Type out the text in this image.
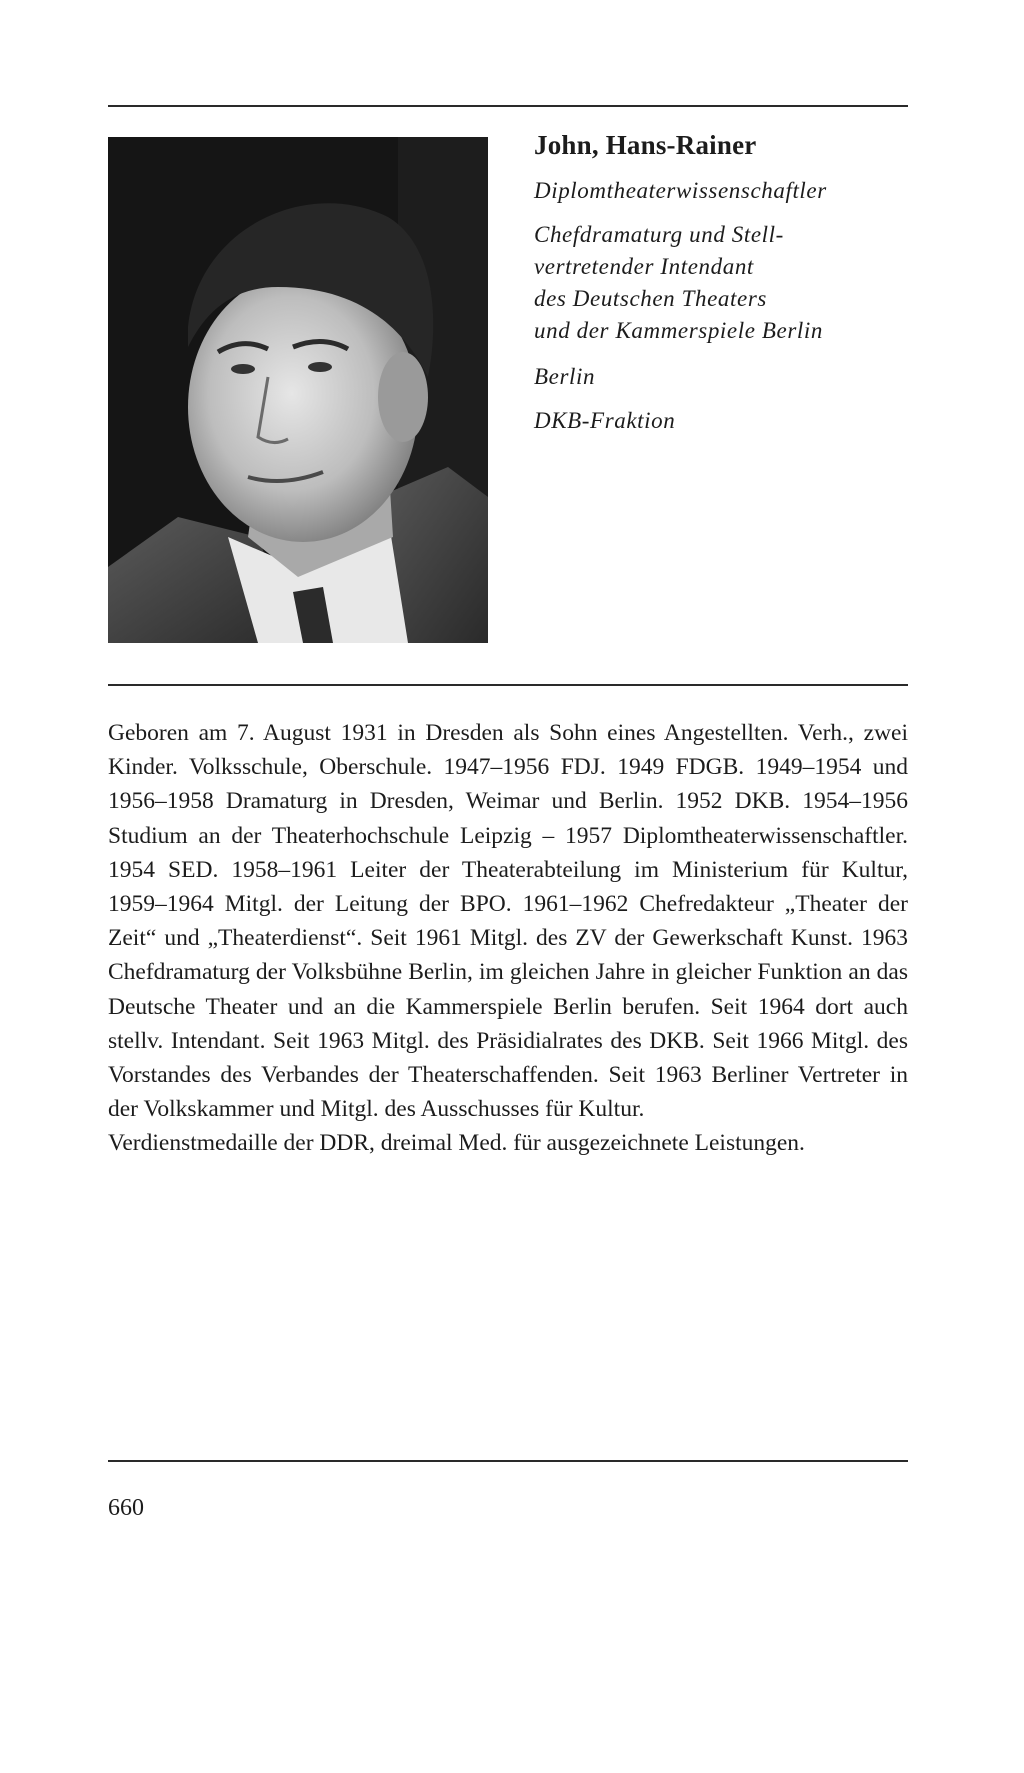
John, Hans-Rainer
Diplomtheaterwissenschaftler
Chefdramaturg und Stell-
vertretender Intendant
des Deutschen Theaters
und der Kammerspiele Berlin
Berlin
DKB-Fraktion

Geboren am 7. August 1931 in Dresden als Sohn eines Angestellten. Verh., zwei Kinder. Volksschule, Oberschule. 1947–1956 FDJ. 1949 FDGB. 1949–1954 und 1956–1958 Dramaturg in Dresden, Weimar und Berlin. 1952 DKB. 1954–1956 Studium an der Theaterhochschule Leipzig – 1957 Diplomtheaterwissenschaftler. 1954 SED. 1958–1961 Leiter der Theaterabteilung im Ministerium für Kultur, 1959–1964 Mitgl. der Leitung der BPO. 1961–1962 Chefredakteur „Theater der Zeit“ und „Theaterdienst“. Seit 1961 Mitgl. des ZV der Gewerkschaft Kunst. 1963 Chefdramaturg der Volksbühne Berlin, im gleichen Jahre in gleicher Funktion an das Deutsche Theater und an die Kammerspiele Berlin berufen. Seit 1964 dort auch stellv. Intendant. Seit 1963 Mitgl. des Präsidialrates des DKB. Seit 1966 Mitgl. des Vorstandes des Verbandes der Theaterschaffenden. Seit 1963 Berliner Vertreter in der Volkskammer und Mitgl. des Ausschusses für Kultur.

Verdienstmedaille der DDR, dreimal Med. für ausgezeichnete Leistungen.

660
